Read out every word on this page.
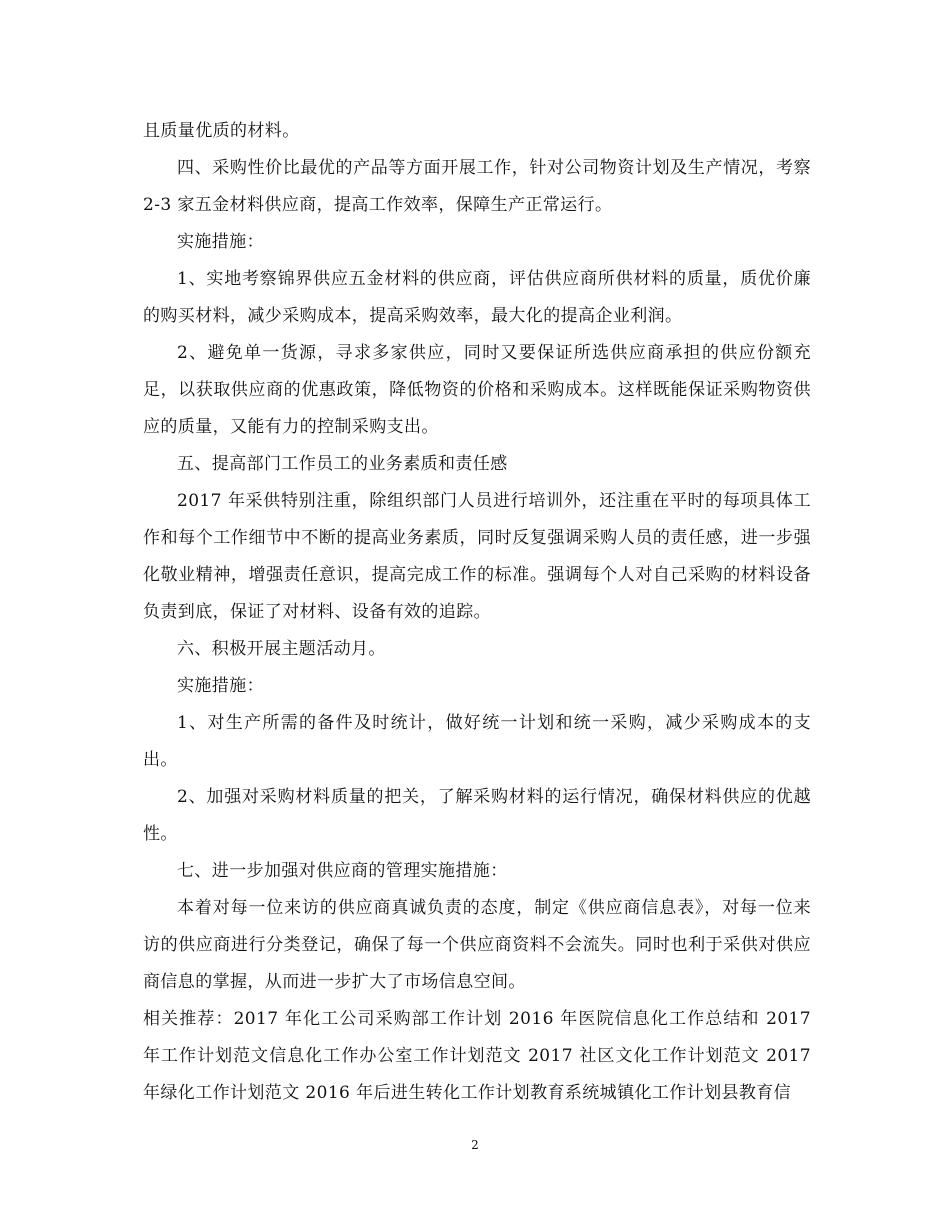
且质量优质的材料。

四、采购性价比最优的产品等方面开展工作，针对公司物资计划及生产情况，考察 2-3 家五金材料供应商，提高工作效率，保障生产正常运行。

实施措施：

1、实地考察锦界供应五金材料的供应商，评估供应商所供材料的质量，质优价廉的购买材料，减少采购成本，提高采购效率，最大化的提高企业利润。

2、避免单一货源，寻求多家供应，同时又要保证所选供应商承担的供应份额充足，以获取供应商的优惠政策，降低物资的价格和采购成本。这样既能保证采购物资供应的质量，又能有力的控制采购支出。

五、提高部门工作员工的业务素质和责任感

2017 年采供特别注重，除组织部门人员进行培训外，还注重在平时的每项具体工作和每个工作细节中不断的提高业务素质，同时反复强调采购人员的责任感，进一步强化敬业精神，增强责任意识，提高完成工作的标准。强调每个人对自己采购的材料设备负责到底，保证了对材料、设备有效的追踪。

六、积极开展主题活动月。

实施措施：

1、对生产所需的备件及时统计，做好统一计划和统一采购，减少采购成本的支出。

2、加强对采购材料质量的把关，了解采购材料的运行情况，确保材料供应的优越性。

七、进一步加强对供应商的管理实施措施：

本着对每一位来访的供应商真诚负责的态度，制定《供应商信息表》，对每一位来访的供应商进行分类登记，确保了每一个供应商资料不会流失。同时也利于采供对供应商信息的掌握，从而进一步扩大了市场信息空间。

相关推荐：2017 年化工公司采购部工作计划 2016 年医院信息化工作总结和 2017 年工作计划范文信息化工作办公室工作计划范文 2017 社区文化工作计划范文 2017 年绿化工作计划范文 2016 年后进生转化工作计划教育系统城镇化工作计划县教育信

2
